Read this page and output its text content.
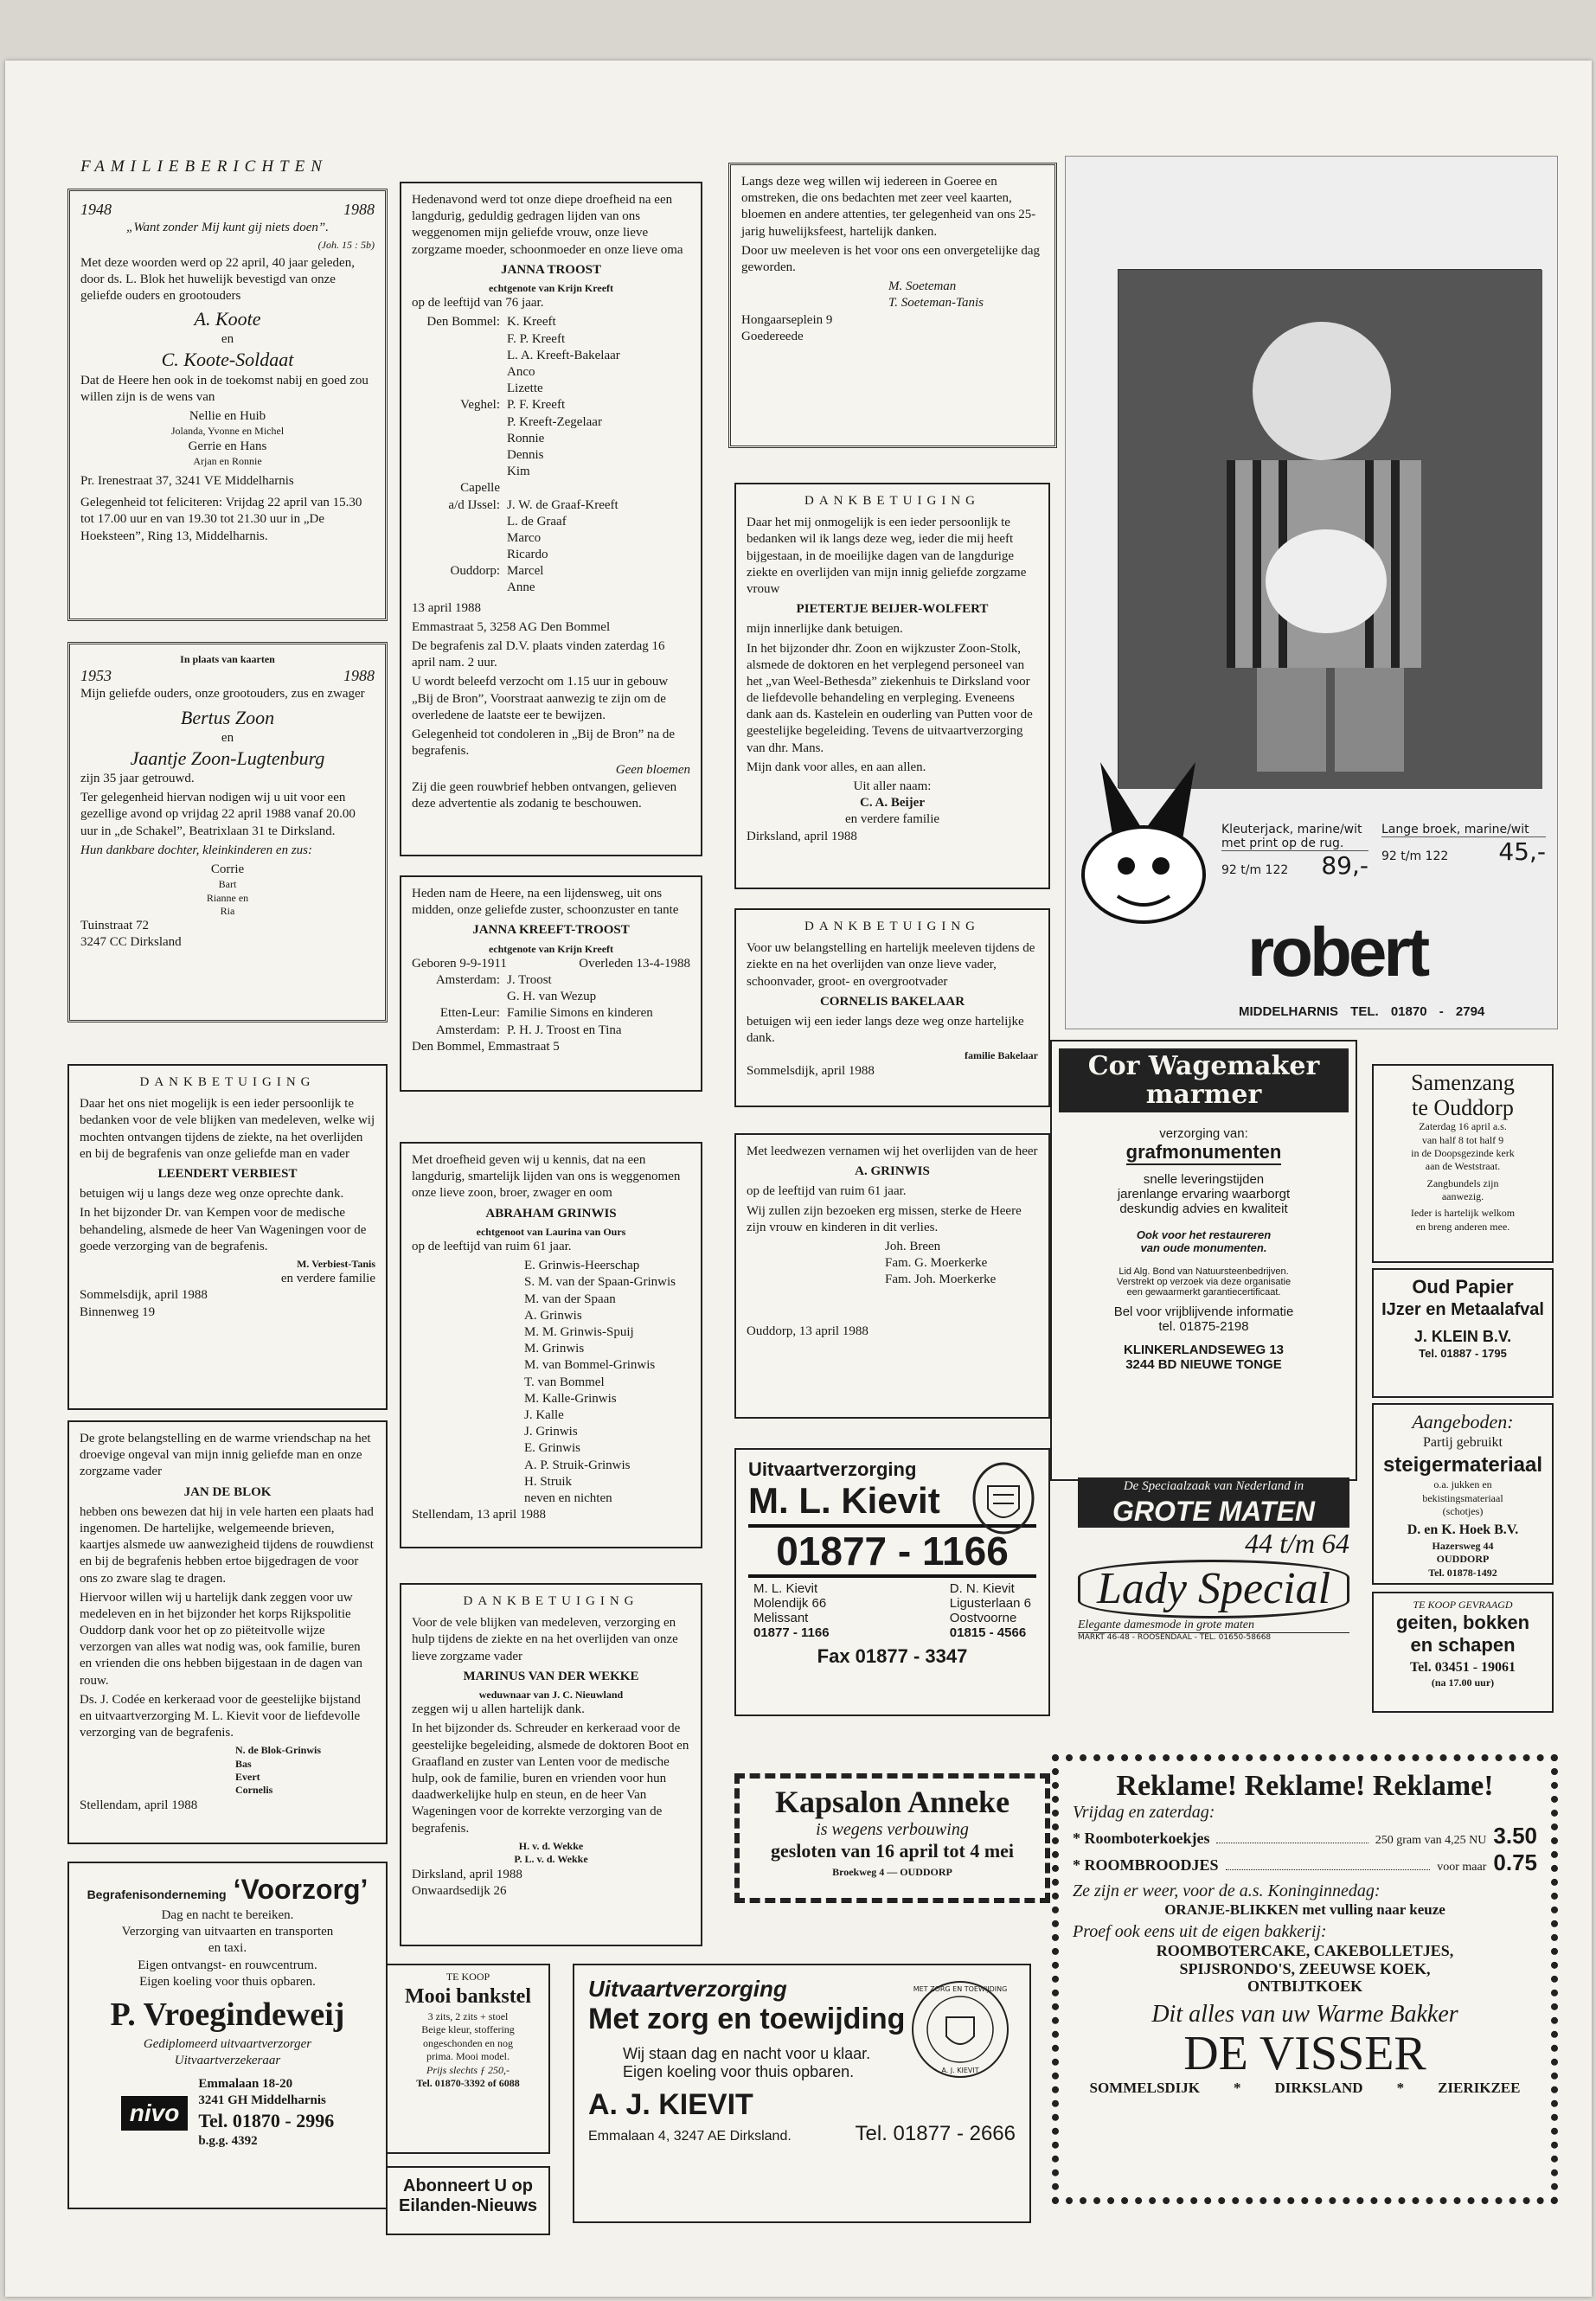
FAMILIEBERICHTEN
1948	1988

„Want zonder Mij kunt gij niets doen”.

(Joh. 15 : 5b)

Met deze woorden werd op 22 april, 40 jaar geleden, door ds. L. Blok het huwelijk bevestigd van onze geliefde ouders en grootouders

A. Koote
en
C. Koote-Soldaat

Dat de Heere hen ook in de toekomst nabij en goed zou willen zijn is de wens van

Nellie en Huib
Jolanda, Yvonne en Michel
Gerrie en Hans
Arjan en Ronnie

Pr. Irenestraat 37, 3241 VE Middelharnis

Gelegenheid tot feliciteren: Vrijdag 22 april van 15.30 tot 17.00 uur en van 19.30 tot 21.30 uur in „De Hoeksteen”, Ring 13, Middelharnis.

In plaats van kaarten
1953	1988

Mijn geliefde ouders, onze grootouders, zus en zwager

Bertus Zoon
en
Jaantje Zoon-Lugtenburg

zijn 35 jaar getrouwd.

Ter gelegenheid hiervan nodigen wij u uit voor een gezellige avond op vrijdag 22 april 1988 vanaf 20.00 uur in „de Schakel”, Beatrixlaan 31 te Dirksland.

Hun dankbare dochter, kleinkinderen en zus:

Corrie
Bart
Rianne en
Ria
Tuinstraat 72
3247 CC Dirksland
DANKBETUIGING

Daar het ons niet mogelijk is een ieder persoonlijk te bedanken voor de vele blijken van medeleven, welke wij mochten ontvangen tijdens de ziekte, na het overlijden en bij de begrafenis van onze geliefde man en vader

LEENDERT VERBIEST

betuigen wij u langs deze weg onze oprechte dank.

In het bijzonder Dr. van Kempen voor de medische behandeling, alsmede de heer Van Wageningen voor de goede verzorging van de begrafenis.

M. Verbiest-Tanis
en verdere familie
Sommelsdijk, april 1988
Binnenweg 19

De grote belangstelling en de warme vriendschap na het droevige ongeval van mijn innig geliefde man en onze zorgzame vader

JAN DE BLOK

hebben ons bewezen dat hij in vele harten een plaats had ingenomen. De hartelijke, welgemeende brieven, kaartjes alsmede uw aanwezigheid tijdens de rouwdienst en bij de begrafenis hebben ertoe bijgedragen de voor ons zo zware slag te dragen.

Hiervoor willen wij u hartelijk dank zeggen voor uw medeleven en in het bijzonder het korps Rijkspolitie Ouddorp dank voor het op zo piëteitvolle wijze verzorgen van alles wat nodig was, ook familie, buren en vrienden die ons hebben bijgestaan in de dagen van rouw.

Ds. J. Codée en kerkeraad voor de geestelijke bijstand en uitvaartverzorging M. L. Kievit voor de liefdevolle verzorging van de begrafenis.

N. de Blok-Grinwis
Bas
Evert
Cornelis
Stellendam, april 1988
Begrafenisonderneming ‘Voorzorg’
Dag en nacht te bereiken.
Verzorging van uitvaarten en transporten
en taxi.
Eigen ontvangst- en rouwcentrum.
Eigen koeling voor thuis opbaren.
P. Vroegindeweij
Gediplomeerd uitvaartverzorger
Uitvaartverzekeraar
nivo
Emmalaan 18-20
3241 GH Middelharnis
Tel. 01870 - 2996
b.g.g. 4392

Hedenavond werd tot onze diepe droefheid na een langdurig, geduldig gedragen lijden van ons weggenomen mijn geliefde vrouw, onze lieve zorgzame moeder, schoonmoeder en onze lieve oma

JANNA TROOST
echtgenote van Krijn Kreeft

op de leeftijd van 76 jaar.

Den Bommel: K. Kreeft
F. P. Kreeft
L. A. Kreeft-Bakelaar
Anco
Lizette
Veghel: P. F. Kreeft
P. Kreeft-Zegelaar
Ronnie
Dennis
Kim
Capelle
a/d IJssel: J. W. de Graaf-Kreeft
L. de Graaf
Marco
Ricardo
Ouddorp: Marcel
Anne

13 april 1988

Emmastraat 5, 3258 AG Den Bommel

De begrafenis zal D.V. plaats vinden zaterdag 16 april nam. 2 uur.

U wordt beleefd verzocht om 1.15 uur in gebouw „Bij de Bron”, Voorstraat aanwezig te zijn om de overledene de laatste eer te bewijzen.

Gelegenheid tot condoleren in „Bij de Bron” na de begrafenis.

Geen bloemen

Zij die geen rouwbrief hebben ontvangen, gelieven deze advertentie als zodanig te beschouwen.

Heden nam de Heere, na een lijdensweg, uit ons midden, onze geliefde zuster, schoonzuster en tante

JANNA KREEFT-TROOST
echtgenote van Krijn Kreeft
Geboren 9-9-1911	Overleden 13-4-1988
Amsterdam: J. Troost
G. H. van Wezup
Etten-Leur: Familie Simons en kinderen
Amsterdam: P. H. J. Troost en Tina

Den Bommel, Emmastraat 5

Met droefheid geven wij u kennis, dat na een langdurig, smartelijk lijden van ons is weggenomen onze lieve zoon, broer, zwager en oom

ABRAHAM GRINWIS
echtgenoot van Laurina van Ours

op de leeftijd van ruim 61 jaar.

E. Grinwis-Heerschap
S. M. van der Spaan-Grinwis
M. van der Spaan
A. Grinwis
M. M. Grinwis-Spuij
M. Grinwis
M. van Bommel-Grinwis
T. van Bommel
M. Kalle-Grinwis
J. Kalle
J. Grinwis
E. Grinwis
A. P. Struik-Grinwis
H. Struik
neven en nichten

Stellendam, 13 april 1988

DANKBETUIGING

Voor de vele blijken van medeleven, verzorging en hulp tijdens de ziekte en na het overlijden van onze lieve zorgzame vader

MARINUS VAN DER WEKKE
weduwnaar van J. C. Nieuwland

zeggen wij u allen hartelijk dank.

In het bijzonder ds. Schreuder en kerkeraad voor de geestelijke begeleiding, alsmede de doktoren Boot en Graafland en zuster van Lenten voor de medische hulp, ook de familie, buren en vrienden voor hun daadwerkelijke hulp en steun, en de heer Van Wageningen voor de korrekte verzorging van de begrafenis.

H. v. d. Wekke
P. L. v. d. Wekke
Dirksland, april 1988
Onwaardsedijk 26
TE KOOP
Mooi bankstel
3 zits, 2 zits + stoel
Beige kleur, stoffering
ongeschonden en nog
prima. Mooi model.
Prijs slechts ƒ 250,-
Tel. 01870-3392 of 6088
Abonneert U op
Eilanden-Nieuws

Langs deze weg willen wij iedereen in Goeree en omstreken, die ons bedachten met zeer veel kaarten, bloemen en andere attenties, ter gelegenheid van ons 25-jarig huwelijksfeest, hartelijk danken.

Door uw meeleven is het voor ons een onvergetelijke dag geworden.

M. Soeteman
T. Soeteman-Tanis
Hongaarseplein 9
Goedereede
DANKBETUIGING

Daar het mij onmogelijk is een ieder persoonlijk te bedanken wil ik langs deze weg, ieder die mij heeft bijgestaan, in de moeilijke dagen van de langdurige ziekte en overlijden van mijn innig geliefde zorgzame vrouw

PIETERTJE BEIJER-WOLFERT

mijn innerlijke dank betuigen.

In het bijzonder dhr. Zoon en wijkzuster Zoon-Stolk, alsmede de doktoren en het verplegend personeel van het „van Weel-Bethesda” ziekenhuis te Dirksland voor de liefdevolle behandeling en verpleging. Eveneens dank aan ds. Kastelein en ouderling van Putten voor de geestelijke begeleiding. Tevens de uitvaartverzorging van dhr. Mans.

Mijn dank voor alles, en aan allen.

Uit aller naam:
C. A. Beijer
en verdere familie
Dirksland, april 1988
DANKBETUIGING

Voor uw belangstelling en hartelijk meeleven tijdens de ziekte en na het overlijden van onze lieve vader, schoonvader, groot- en overgrootvader

CORNELIS BAKELAAR

betuigen wij een ieder langs deze weg onze hartelijke dank.

familie Bakelaar
Sommelsdijk, april 1988

Met leedwezen vernamen wij het overlijden van de heer

A. GRINWIS

op de leeftijd van ruim 61 jaar.

Wij zullen zijn bezoeken erg missen, sterke de Heere zijn vrouw en kinderen in dit verlies.

Joh. Breen
Fam. G. Moerkerke
Fam. Joh. Moerkerke
Ouddorp, 13 april 1988
Uitvaartverzorging
M. L. Kievit
01877 - 1166
M. L. Kievit
Molendijk 66
Melissant
01877 - 1166
D. N. Kievit
Ligusterlaan 6
Oostvoorne
01815 - 4566
Fax 01877 - 3347
Kapsalon Anneke
is wegens verbouwing
gesloten van 16 april tot 4 mei
Broekweg 4 — OUDDORP
Uitvaartverzorging
Met zorg en toewijding
Wij staan dag en nacht voor u klaar.
Eigen koeling voor thuis opbaren.
A. J. KIEVIT
Emmalaan 4, 3247 AE Dirksland.	Tel. 01877 - 2666
MET ZORG EN TOEWIJDING
A. J. KIEVIT
Kleuterjack, marine/wit met print op de rug.
92 t/m 122 89,-
Lange broek, marine/wit
92 t/m 122 45,-
robert
MIDDELHARNIS TEL. 01870 - 2794
Cor Wagemaker
marmer
verzorging van:
grafmonumenten
snelle leveringstijden
jarenlange ervaring waarborgt
deskundig advies en kwaliteit
Ook voor het restaureren
van oude monumenten.
Lid Alg. Bond van Natuursteenbedrijven.
Verstrekt op verzoek via deze organisatie
een gewaarmerkt garantiecertificaat.
Bel voor vrijblijvende informatie
tel. 01875-2198
KLINKERLANDSEWEG 13
3244 BD NIEUWE TONGE
De Speciaalzaak van Nederland in
GROTE MATEN
44 t/m 64
Lady Special
Elegante damesmode in grote maten
MARKT 46-48 - ROOSENDAAL - TEL. 01650-58668
Samenzang
te Ouddorp
Zaterdag 16 april a.s.
van half 8 tot half 9
in de Doopsgezinde kerk
aan de Weststraat.
Zangbundels zijn
aanwezig.
Ieder is hartelijk welkom
en breng anderen mee.
Oud Papier
IJzer en Metaalafval
J. KLEIN B.V.
Tel. 01887 - 1795
Aangeboden:
Partij gebruikt
steigermateriaal
o.a. jukken en
bekistingsmateriaal
(schotjes)
D. en K. Hoek B.V.
Hazersweg 44
OUDDORP
Tel. 01878-1492
TE KOOP GEVRAAGD
geiten, bokken
en schapen
Tel. 03451 - 19061
(na 17.00 uur)
Reklame! Reklame! Reklame!
Vrijdag en zaterdag:
* Roomboterkoekjes	250 gram van 4,25 NU 3.50
* ROOMBROODJES	voor maar 0.75
Ze zijn er weer, voor de a.s. Koninginnedag:
ORANJE-BLIKKEN met vulling naar keuze
Proef ook eens uit de eigen bakkerij:
ROOMBOTERCAKE, CAKEBOLLETJES,
SPIJSRONDO'S, ZEEUWSE KOEK,
ONTBIJTKOEK
Dit alles van uw Warme Bakker
DE VISSER
SOMMELSDIJK * DIRKSLAND * ZIERIKZEE
